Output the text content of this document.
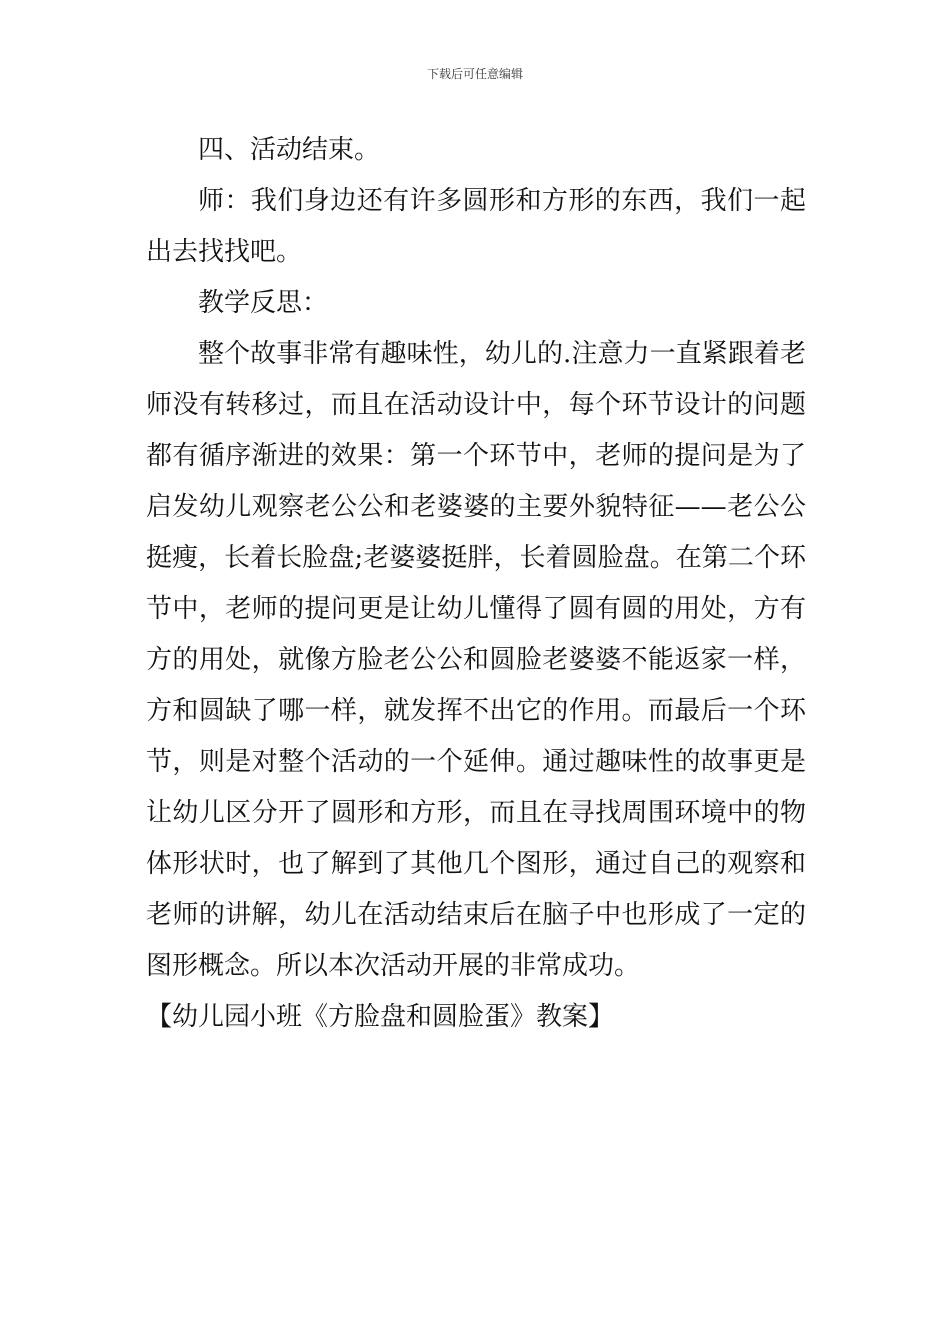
下载后可任意编辑

四、活动结束。

师：我们身边还有许多圆形和方形的东西，我们一起出去找找吧。

教学反思：

整个故事非常有趣味性，幼儿的.注意力一直紧跟着老师没有转移过，而且在活动设计中，每个环节设计的问题都有循序渐进的效果：第一个环节中，老师的提问是为了启发幼儿观察老公公和老婆婆的主要外貌特征——老公公挺瘦，长着长脸盘;老婆婆挺胖，长着圆脸盘。在第二个环节中，老师的提问更是让幼儿懂得了圆有圆的用处，方有方的用处，就像方脸老公公和圆脸老婆婆不能返家一样，方和圆缺了哪一样，就发挥不出它的作用。而最后一个环节，则是对整个活动的一个延伸。通过趣味性的故事更是让幼儿区分开了圆形和方形，而且在寻找周围环境中的物体形状时，也了解到了其他几个图形，通过自己的观察和老师的讲解，幼儿在活动结束后在脑子中也形成了一定的图形概念。所以本次活动开展的非常成功。

【幼儿园小班《方脸盘和圆脸蛋》教案】
